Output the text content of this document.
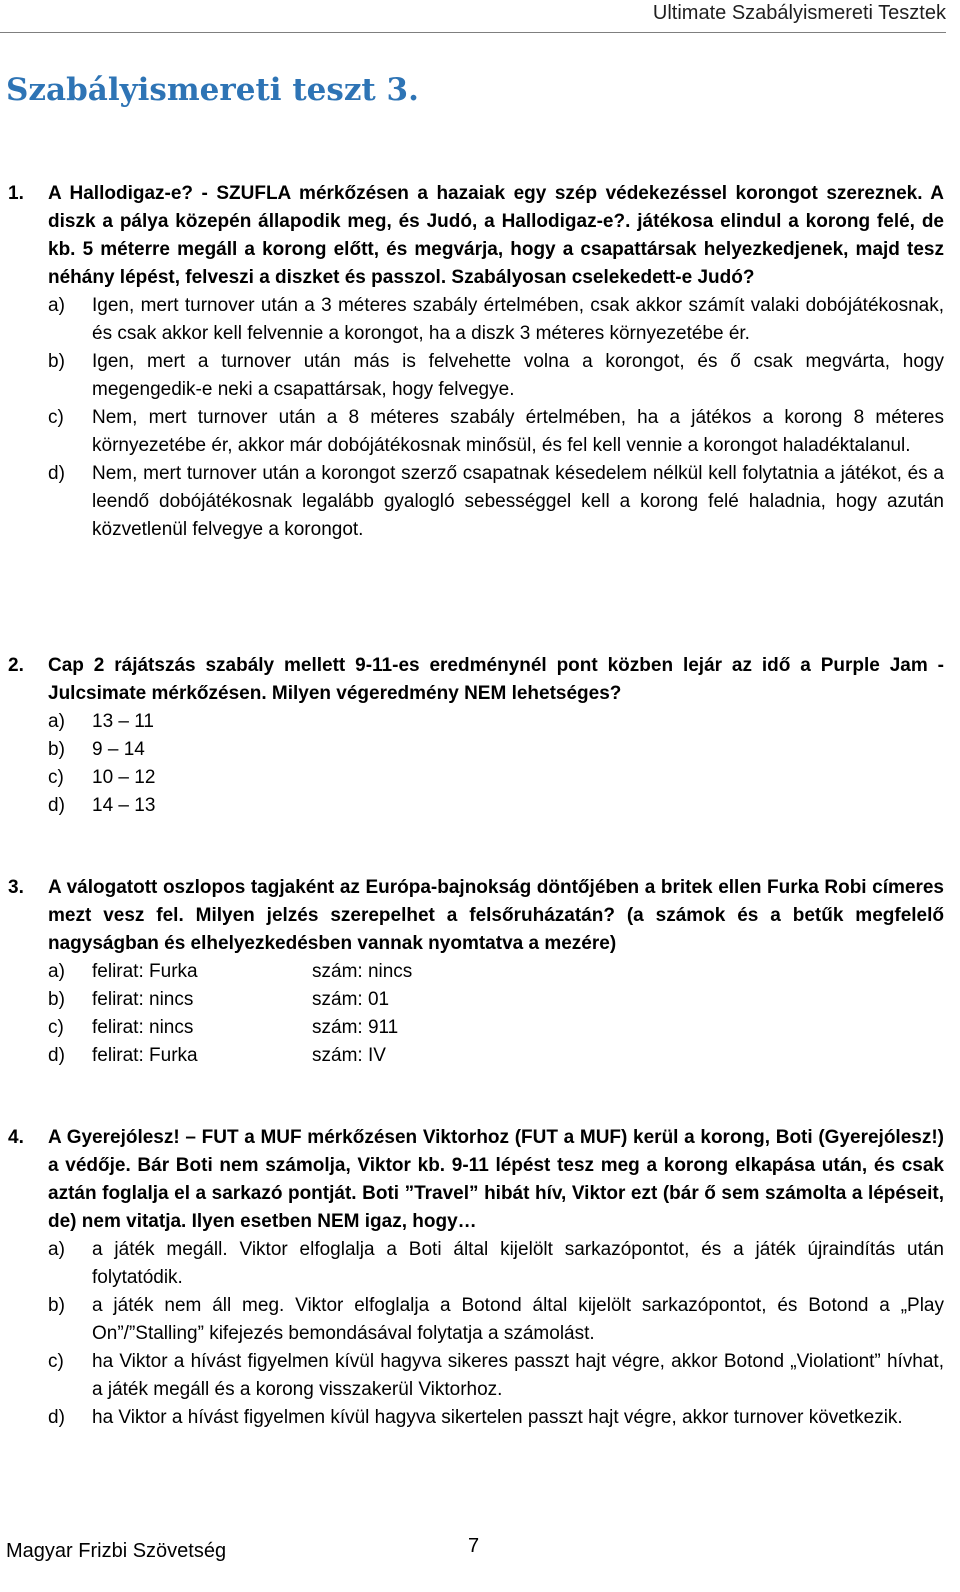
Ultimate Szabályismereti Tesztek
Szabályismereti teszt 3.
1.	A Hallodigaz-e? - SZUFLA mérkőzésen a hazaiak egy szép védekezéssel korongot szereznek. A diszk a pálya közepén állapodik meg, és Judó, a Hallodigaz-e?. játékosa elindul a korong felé, de kb. 5 méterre megáll a korong előtt, és megvárja, hogy a csapattársak helyezkedjenek, majd tesz néhány lépést, felveszi a diszket és passzol. Szabályosan cselekedett-e Judó?
a) Igen, mert turnover után a 3 méteres szabály értelmében, csak akkor számít valaki dobójátékosnak, és csak akkor kell felvennie a korongot, ha a diszk 3 méteres környezetébe ér.
b) Igen, mert a turnover után más is felvehette volna a korongot, és ő csak megvárta, hogy megengedik-e neki a csapattársak, hogy felvegye.
c) Nem, mert turnover után a 8 méteres szabály értelmében, ha a játékos a korong 8 méteres környezetébe ér, akkor már dobójátékosnak minősül, és fel kell vennie a korongot haladéktalanul.
d) Nem, mert turnover után a korongot szerző csapatnak késedelem nélkül kell folytatnia a játékot, és a leendő dobójátékosnak legalább gyalogló sebességgel kell a korong felé haladnia, hogy azután közvetlenül felvegye a korongot.
2.	Cap 2 rájátszás szabály mellett 9-11-es eredménynél pont közben lejár az idő a Purple Jam - Julcsimate mérkőzésen. Milyen végeredmény NEM lehetséges?
a) 13 – 11
b) 9 – 14
c) 10 – 12
d) 14 – 13
3.	A válogatott oszlopos tagjaként az Európa-bajnokság döntőjében a britek ellen Furka Robi címeres mezt vesz fel. Milyen jelzés szerepelhet a felsőruházatán? (a számok és a betűk megfelelő nagyságban és elhelyezkedésben vannak nyomtatva a mezére)
a) felirat: Furka	szám: nincs
b) felirat: nincs	szám: 01
c) felirat: nincs	szám: 911
d) felirat: Furka	szám: IV
4.	A Gyerejólesz! – FUT a MUF mérkőzésen Viktorhoz (FUT a MUF) kerül a korong, Boti (Gyerejólesz!) a védője. Bár Boti nem számolja, Viktor kb. 9-11 lépést tesz meg a korong elkapása után, és csak aztán foglalja el a sarkazó pontját. Boti ”Travel” hibát hív, Viktor ezt (bár ő sem számolta a lépéseit, de) nem vitatja. Ilyen esetben NEM igaz, hogy…
a) a játék megáll. Viktor elfoglalja a Boti által kijelölt sarkazópontot, és a játék újraindítás után folytatódik.
b) a játék nem áll meg. Viktor elfoglalja a Botond által kijelölt sarkazópontot, és Botond a „Play On”/”Stalling” kifejezés bemondásával folytatja a számolást.
c) ha Viktor a hívást figyelmen kívül hagyva sikeres passzt hajt végre, akkor Botond „Violationt” hívhat, a játék megáll és a korong visszakerül Viktorhoz.
d) ha Viktor a hívást figyelmen kívül hagyva sikertelen passzt hajt végre, akkor turnover következik.
Magyar Frizbi Szövetség	7
